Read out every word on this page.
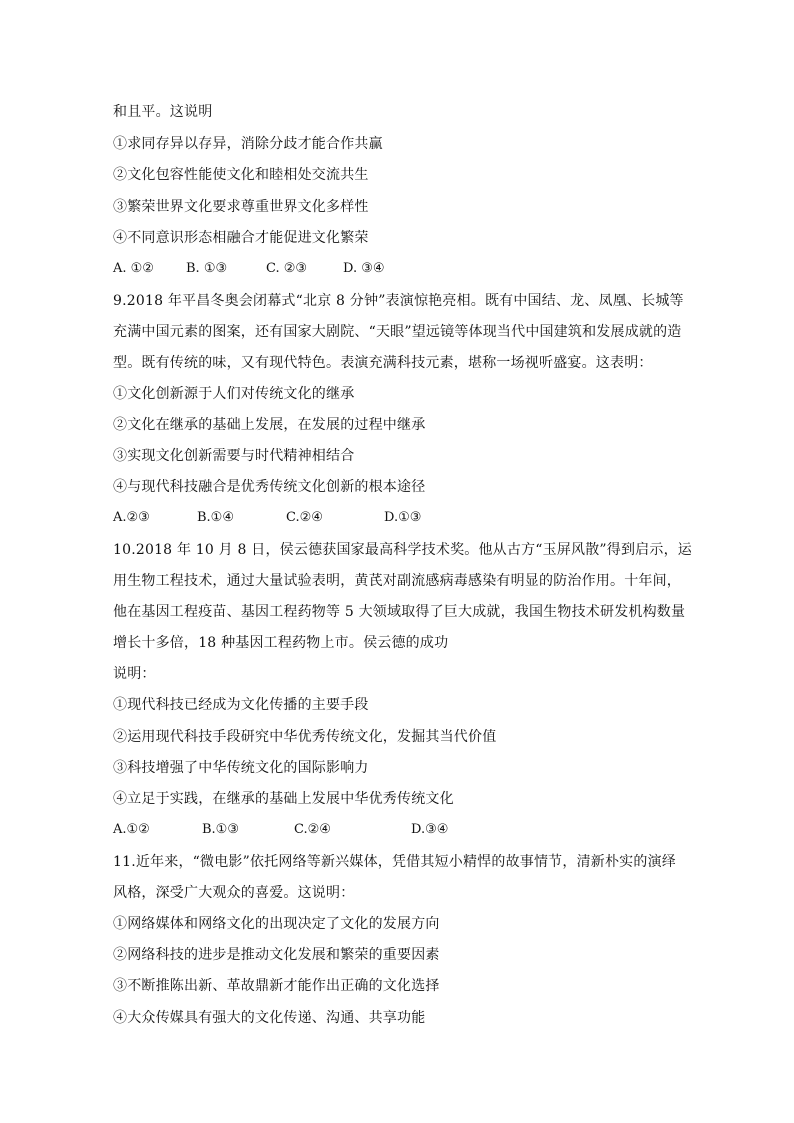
和且平。这说明
①求同存异以存异，消除分歧才能合作共赢
②文化包容性能使文化和睦相处交流共生
③繁荣世界文化要求尊重世界文化多样性
④不同意识形态相融合才能促进文化繁荣
A. ①② B. ①③	C. ②③	D. ③④
9.2018 年平昌冬奥会闭幕式“北京 8 分钟”表演惊艳亮相。既有中国结、龙、凤凰、长城等
充满中国元素的图案，还有国家大剧院、“天眼”望远镜等体现当代中国建筑和发展成就的造
型。既有传统的味，又有现代特色。表演充满科技元素，堪称一场视听盛宴。这表明：
①文化创新源于人们对传统文化的继承
②文化在继承的基础上发展，在发展的过程中继承
③实现文化创新需要与时代精神相结合
④与现代科技融合是优秀传统文化创新的根本途径
A.②③	B.①④	C.②④	D.①③
10.2018 年 10 月 8 日，侯云德获国家最高科学技术奖。他从古方“玉屏风散”得到启示，运
用生物工程技术，通过大量试验表明，黄芪对副流感病毒感染有明显的防治作用。十年间，
他在基因工程疫苗、基因工程药物等 5 大领域取得了巨大成就，我国生物技术研发机构数量
增长十多倍，18 种基因工程药物上市。侯云德的成功
说明：
①现代科技已经成为文化传播的主要手段
②运用现代科技手段研究中华优秀传统文化，发掘其当代价值
③科技增强了中华传统文化的国际影响力
④立足于实践，在继承的基础上发展中华优秀传统文化
A.①②	B.①③	C.②④	D.③④
11.近年来，“微电影”依托网络等新兴媒体，凭借其短小精悍的故事情节，清新朴实的演绎
风格，深受广大观众的喜爱。这说明：
①网络媒体和网络文化的出现决定了文化的发展方向
②网络科技的进步是推动文化发展和繁荣的重要因素
③不断推陈出新、革故鼎新才能作出正确的文化选择
④大众传媒具有强大的文化传递、沟通、共享功能
